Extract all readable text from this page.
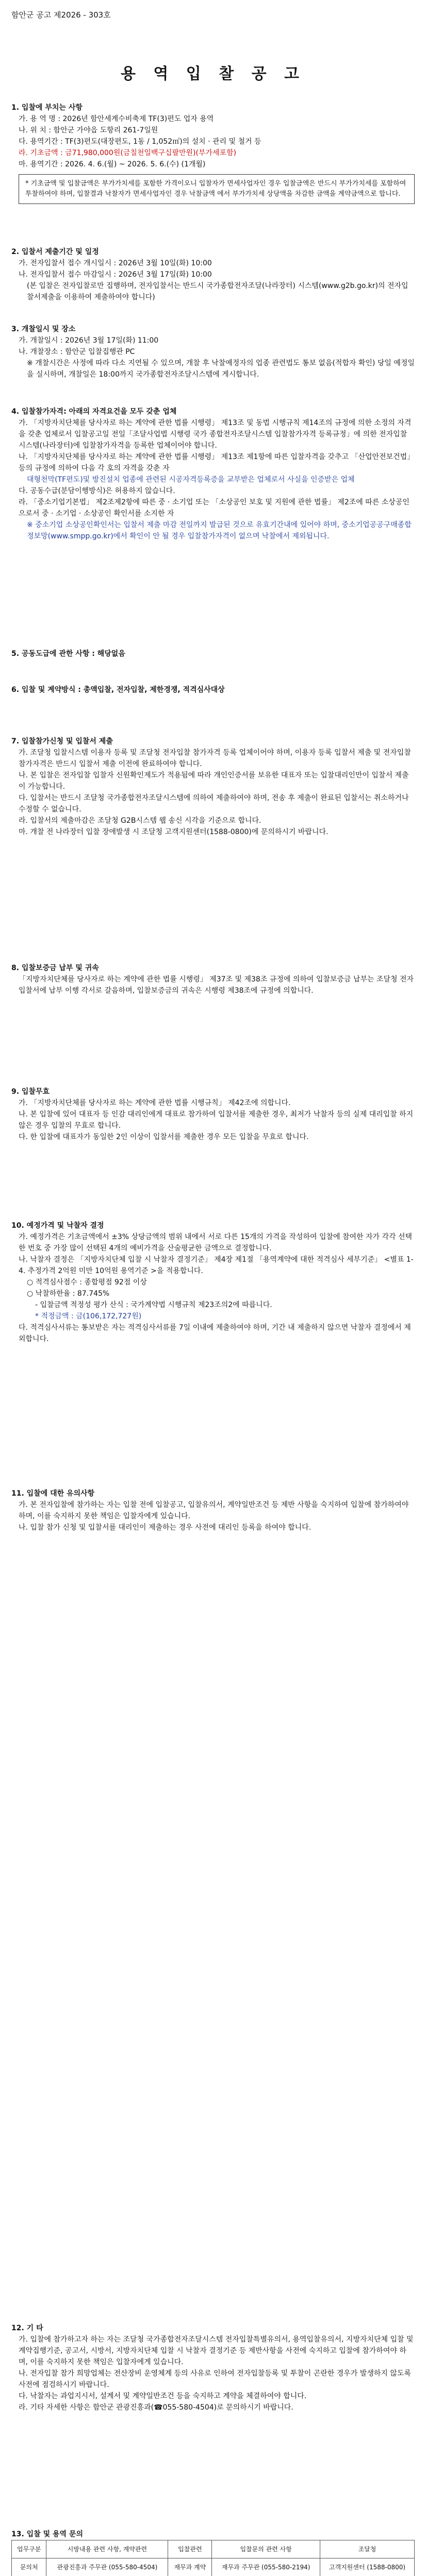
함안군 공고 제2026 - 303호
용 역 입 찰 공 고
1. 입찰에 부치는 사항
가. 용 역 명 : 2026년 함안세계수비축제 TF(3)편도 업자 용역
나. 위 치 : 함안군 가야읍 도항리 261-7일원
다. 용역기간 : TF(3)편도(대장편도, 1동 / 1,052㎡)의 설치 · 관리 및 철거 등
라. 기초금액 : 금71,980,000원(금칠천일백구십팔만원)(부가세포함)
마. 용역기간 : 2026. 4. 6.(월) ~ 2026. 5. 6.(수) (1개월)
* 기초금액 및 입찰금액은 부가가치세를 포함한 가격이오니 입찰자가 면세사업자인 경우 입찰금액은 반드시 부가가치세를 포함하여 투찰하여야 하며, 입찰결과 낙찰자가 면세사업자인 경우 낙찰금액 에서 부가가치세 상당액을 차감한 금액을 계약금액으로 합니다.
2. 입찰서 제출기간 및 일정
가. 전자입찰서 접수 개시일시 : 2026년 3월 10일(화) 10:00
나. 전자입찰서 접수 마감일시 : 2026년 3월 17일(화) 10:00
(본 입찰은 전자입찰로만 집행하며, 전자입찰서는 반드시 국가종합전자조달(나라장터) 시스템(www.g2b.go.kr)의 전자입찰서제출을 이용하여 제출하여야 합니다)
3. 개찰일시 및 장소
가. 개찰일시 : 2026년 3월 17일(화) 11:00
나. 개찰장소 : 함안군 입찰집행관 PC
※ 개찰시간은 사정에 따라 다소 지연될 수 있으며, 개찰 후 낙찰예정자의 업종 관련법도 통보 없음(적합자 확인) 당일 예정일을 실시하며, 개찰일은 18:00까지 국가종합전자조달시스템에 게시합니다.
4. 입찰참가자격: 아래의 자격요건을 모두 갖춘 업체
가. 「지방자치단체를 당사자로 하는 계약에 관한 법률 시행령」 제13조 및 동법 시행규칙 제14조의 규정에 의한 소정의 자격을 갖춘 업체로서 입찰공고일 전일「조달사업법 시행령 국가 종합전자조달시스템 입찰참가자격 등록규정」에 의한 전자입찰 시스템(나라장터)에 입찰참가자격을 등록한 업체이어야 합니다.
나. 「지방자치단체를 당사자로 하는 계약에 관한 법률 시행령」 제13조 제1항에 따른 입찰자격을 갖추고 「산업안전보건법」 등의 규정에 의하여 다음 각 호의 자격을 갖춘 자
대형천막(TF편도)및 방진설치 업종에 관련된 시공자격등록증을 교부받은 업체로서 사실을 인증받은 업체
다. 공동수급(분담이행방식)은 허용하지 않습니다.
라. 「중소기업기본법」 제2조제2항에 따른 중 · 소기업 또는 「소상공인 보호 및 지원에 관한 법률」 제2조에 따른 소상공인으로서 중 · 소기업 · 소상공인 확인서를 소지한 자
※ 중소기업 소상공인확인서는 입찰서 제출 마감 전일까지 발급된 것으로 유효기간내에 있어야 하며, 중소기업공공구매종합정보망(www.smpp.go.kr)에서 확인이 안 될 경우 입찰참가자격이 없으며 낙찰에서 제외됩니다.
5. 공동도급에 관한 사항 : 해당없음
6. 입찰 및 계약방식 : 총액입찰, 전자입찰, 제한경쟁, 적격심사대상
7. 입찰참가신청 및 입찰서 제출
가. 조달청 입찰시스템 이용자 등록 및 조달청 전자입찰 참가자격 등록 업체이어야 하며, 이용자 등록 입찰서 제출 및 전자입찰 참가자격은 반드시 입찰서 제출 이전에 완료하여야 합니다.
나. 본 입찰은 전자입찰 입찰자 신원확인제도가 적용됨에 따라 개인인증서를 보유한 대표자 또는 입찰대리인만이 입찰서 제출이 가능합니다.
다. 입찰서는 반드시 조달청 국가종합전자조달시스템에 의하여 제출하여야 하며, 전송 후 제출이 완료된 입찰서는 취소하거나 수정할 수 없습니다.
라. 입찰서의 제출마감은 조달청 G2B시스템 웹 송신 시각을 기준으로 합니다.
마. 개찰 전 나라장터 입찰 장애발생 시 조달청 고객지원센터(1588-0800)에 문의하시기 바랍니다.
8. 입찰보증금 납부 및 귀속
「지방자치단체를 당사자로 하는 계약에 관한 법률 시행령」 제37조 및 제38조 규정에 의하여 입찰보증금 납부는 조달청 전자입찰서에 납부 이행 각서로 갈음하며, 입찰보증금의 귀속은 시행령 제38조에 규정에 의합니다.
9. 입찰무효
가. 「지방자치단체를 당사자로 하는 계약에 관한 법률 시행규칙」 제42조에 의합니다.
나. 본 입찰에 있어 대표자 등 인감 대리인에게 대표로 참가하여 입찰서를 제출한 경우, 최저가 낙찰자 등의 실제 대리입찰 하지 않은 경우 입찰의 무효로 합니다.
다. 한 입찰에 대표자가 동일한 2인 이상이 입찰서를 제출한 경우 모든 입찰을 무효로 합니다.
10. 예정가격 및 낙찰자 결정
가. 예정가격은 기초금액에서 ±3% 상당금액의 범위 내에서 서로 다른 15개의 가격을 작성하여 입찰에 참여한 자가 각각 선택한 번호 중 가장 많이 선택된 4개의 예비가격을 산술평균한 금액으로 결정합니다.
나. 낙찰자 결정은 「지방자치단체 입찰 시 낙찰자 결정기준」 제4장 제1절 「용역계약에 대한 적격심사 세부기준」 <별표 1-4. 추정가격 2억원 미만 10억원 용역기준 >을 적용합니다.
○ 적격심사점수 : 종합평점 92점 이상
○ 낙찰하한율 : 87.745%
- 입찰금액 적정성 평가 산식 : 국가계약법 시행규칙 제23조의2에 따릅니다.
* 적정금액 : 금(106,172,727원)
다. 적격심사서류는 통보받은 자는 적격심사서류를 7일 이내에 제출하여야 하며, 기간 내 제출하지 않으면 낙찰자 결정에서 제외합니다.
11. 입찰에 대한 유의사항
가. 본 전자입찰에 참가하는 자는 입찰 전에 입찰공고, 입찰유의서, 계약일반조건 등 제반 사항을 숙지하여 입찰에 참가하여야 하며, 이를 숙지하지 못한 책임은 입찰자에게 있습니다.
나. 입찰 참가 신청 및 입찰서를 대리인이 제출하는 경우 사전에 대리인 등록을 하여야 합니다.
12. 기 타
가. 입찰에 참가하고자 하는 자는 조달청 국가종합전자조달시스템 전자입찰특별유의서, 용역입찰유의서, 지방자치단체 입찰 및 계약집행기준, 공고서, 시방서, 지방자치단체 입찰 시 낙찰자 결정기준 등 제반사항을 사전에 숙지하고 입찰에 참가하여야 하며, 이를 숙지하지 못한 책임은 입찰자에게 있습니다.
나. 전자입찰 참가 희망업체는 전산장비 운영체계 등의 사유로 인하여 전자입찰등록 및 투찰이 곤란한 경우가 발생하지 않도록 사전에 점검하시기 바랍니다.
다. 낙찰자는 과업지시서, 설계서 및 계약일반조건 등을 숙지하고 계약을 체결하여야 합니다.
라. 기타 자세한 사항은 함안군 관광진흥과(☎055-580-4504)로 문의하시기 바랍니다.
13. 입찰 및 용역 문의
업무구분	시방내용 관련 사항, 계약관련	입찰관련	입찰문의 관련 사항	조달청
문의처	관광진흥과 주무관 (055-580-4504)	재무과 계약	재무과 주무관 (055-580-2194)	고객지원센터 (1588-0800)
